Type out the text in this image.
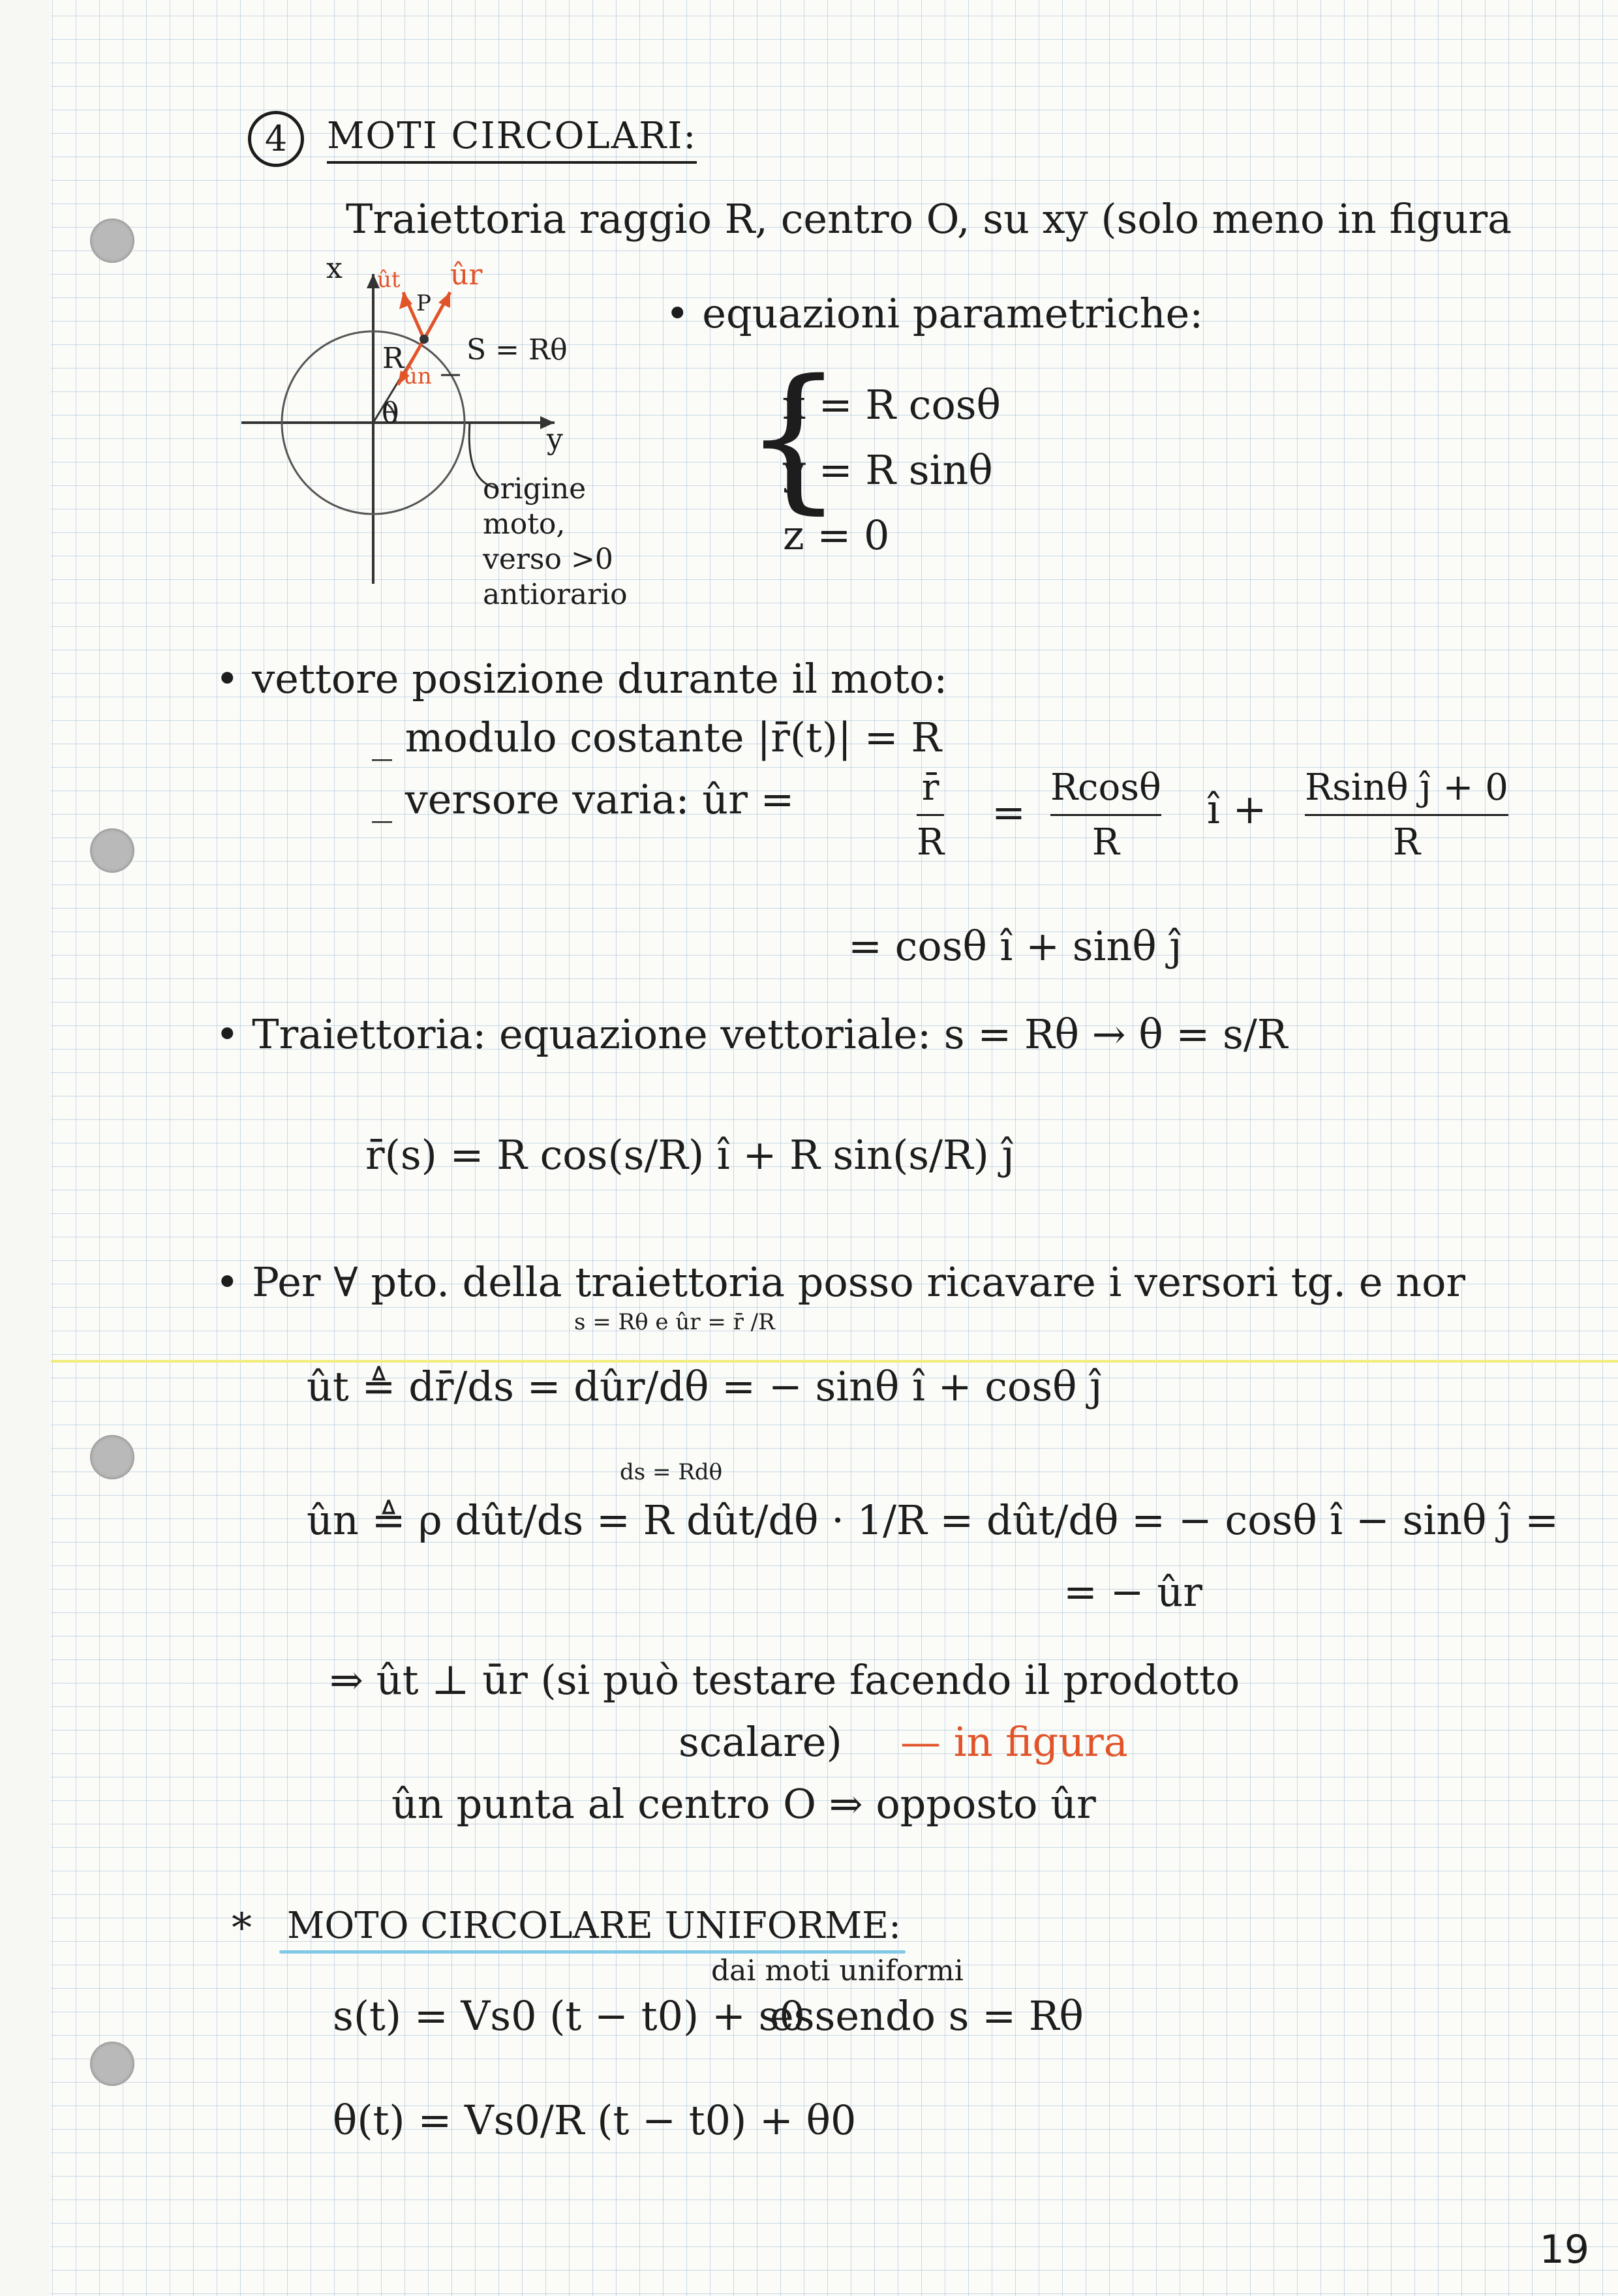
4 MOTI CIRCOLARI:
Traiettoria raggio R, centro O, su xy (solo meno in figura
x
y
θ
R S = Rθ
ût ûr
ûn
P
origine
moto,
verso >0
antiorario
• equazioni parametriche:
{
x = R cosθ
y = R sinθ
z = 0
• vettore posizione durante il moto:
_ modulo costante |r̄(t)| = R
_ versore varia: ûr =	r̄
R
=
Rcosθ
R
î + Rsinθ ĵ + 0
R
= cosθ î + sinθ ĵ
• Traiettoria: equazione vettoriale: s = Rθ → θ = s/R
r̄(s) = R cos(s/R) î + R sin(s/R) ĵ
• Per ∀ pto. della traiettoria posso ricavare i versori tg. e nor
s = Rθ e ûr = r̄ /R
ût ≜ dr̄/ds = dûr/dθ = − sinθ î + cosθ ĵ
ds = Rdθ
ûn ≜ ρ dût/ds = R dût/dθ · 1/R = dût/dθ = − cosθ î − sinθ ĵ =
= − ûr
⇒ ût ⊥ ūr (si può testare facendo il prodotto
scalare) — in figura
ûn punta al centro O ⇒ opposto ûr
* MOTO CIRCOLARE UNIFORME:
dai moti uniformi
s(t) = Vs0 (t − t0) + s0
essendo s = Rθ
θ(t) = Vs0/R (t − t0) + θ0
19
